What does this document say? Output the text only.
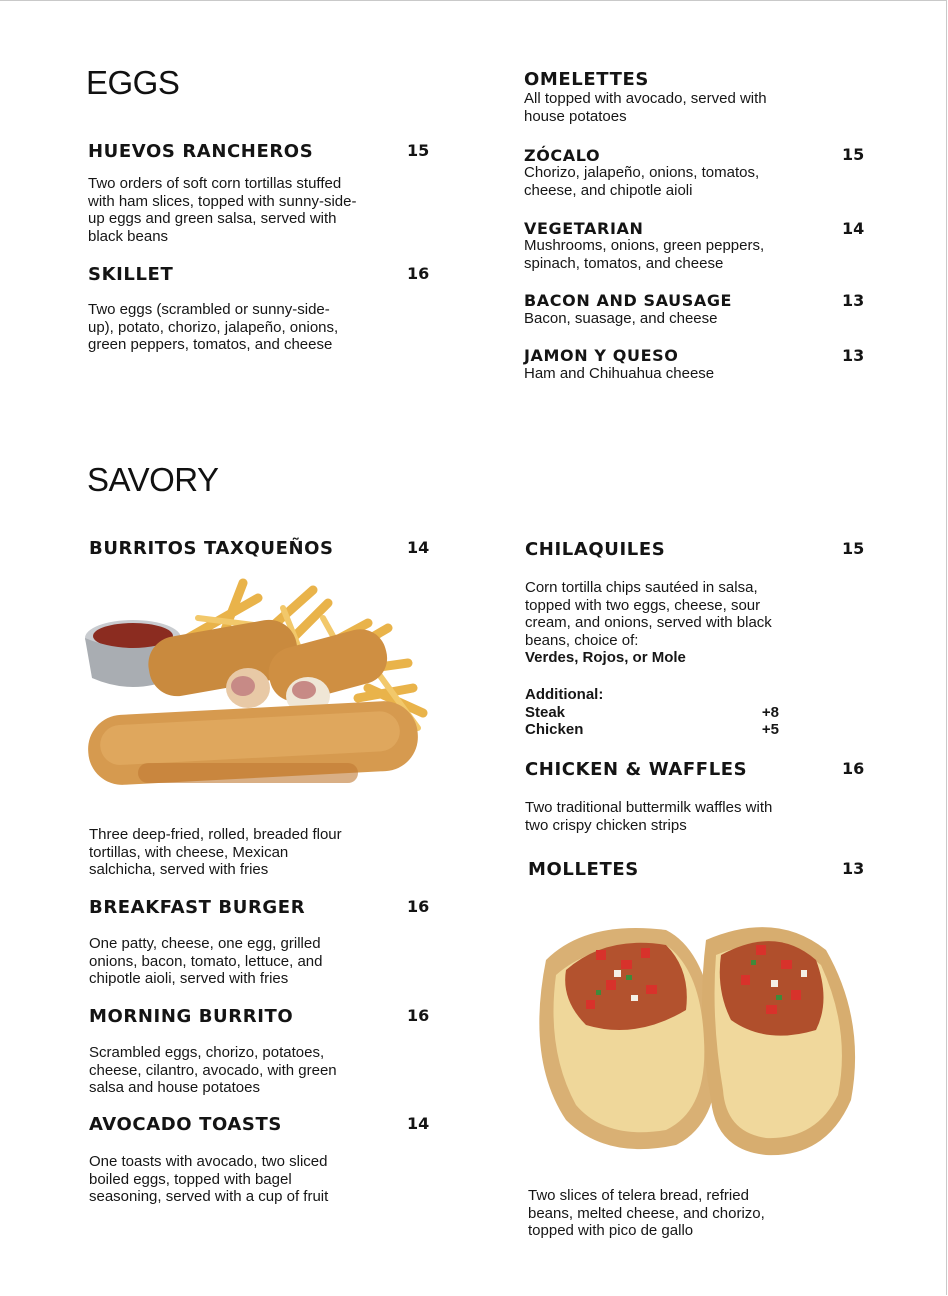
EGGS
HUEVOS RANCHEROS	15
Two orders of soft corn tortillas stuffed with ham slices, topped with sunny-side-up eggs and green salsa, served with black beans
SKILLET	16
Two eggs (scrambled or sunny-side-up), potato, chorizo, jalapeño, onions, green peppers, tomatos, and cheese
OMELETTES
All topped with avocado, served with house potatoes
ZÓCALO	15
Chorizo, jalapeño, onions, tomatos, cheese, and chipotle aioli
VEGETARIAN	14
Mushrooms, onions, green peppers, spinach, tomatos, and cheese
BACON AND SAUSAGE	13
Bacon, suasage, and cheese
JAMON Y QUESO	13
Ham and Chihuahua cheese
SAVORY
BURRITOS TAXQUEÑOS	14
Three deep-fried, rolled, breaded flour tortillas, with cheese, Mexican salchicha, served with fries
BREAKFAST BURGER	16
One patty, cheese, one egg, grilled onions, bacon, tomato, lettuce, and chipotle aioli, served with fries
MORNING BURRITO	16
Scrambled eggs, chorizo, potatoes, cheese, cilantro, avocado, with green salsa and house potatoes
AVOCADO TOASTS	14
One toasts with avocado, two sliced boiled eggs, topped with bagel seasoning, served with a cup of fruit
CHILAQUILES	15
Corn tortilla chips sautéed in salsa, topped with two eggs, cheese, sour cream, and onions, served with black beans, choice of:
Verdes, Rojos, or Mole
Additional:
Steak	+8
Chicken	+5
CHICKEN & WAFFLES	16
Two traditional buttermilk waffles with two crispy chicken strips
MOLLETES	13
Two slices of telera bread, refried beans, melted cheese, and chorizo, topped with pico de gallo
